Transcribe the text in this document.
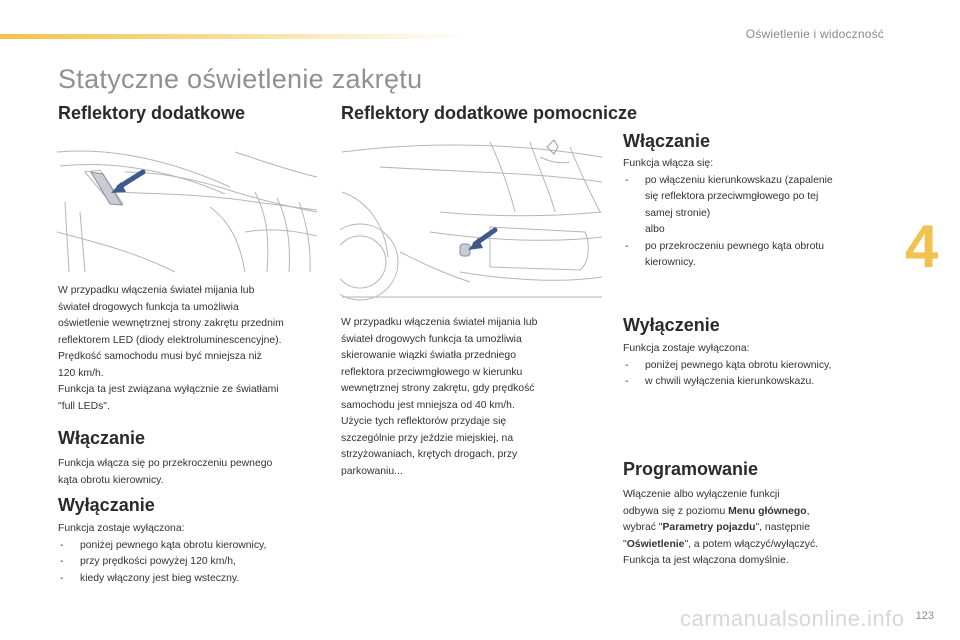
Oświetlenie i widoczność
Statyczne oświetlenie zakrętu
Reflektory dodatkowe

W przypadku włączenia świateł mijania lub
świateł drogowych funkcja ta umożliwia
oświetlenie wewnętrznej strony zakrętu przednim
reflektorem LED (diody elektroluminescencyjne).
Prędkość samochodu musi być mniejsza niż
120 km/h.
Funkcja ta jest związana wyłącznie ze światłami
"full LEDs".

Włączanie

Funkcja włącza się po przekroczeniu pewnego
kąta obrotu kierownicy.

Wyłączanie

Funkcja zostaje wyłączona:

- poniżej pewnego kąta obrotu kierownicy,
- przy prędkości powyżej 120 km/h,
- kiedy włączony jest bieg wsteczny.
Reflektory dodatkowe pomocnicze

W przypadku włączenia świateł mijania lub
świateł drogowych funkcja ta umożliwia
skierowanie wiązki światła przedniego
reflektora przeciwmgłowego w kierunku
wewnętrznej strony zakrętu, gdy prędkość
samochodu jest mniejsza od 40 km/h.
Użycie tych reflektorów przydaje się
szczególnie przy jeździe miejskiej, na
strzyżowaniach, krętych drogach, przy
parkowaniu...

Włączanie

Funkcja włącza się:

- po włączeniu kierunkowskazu (zapalenie
się reflektora przeciwmgłowego po tej
samej stronie)
albo
- po przekroczeniu pewnego kąta obrotu
kierownicy.
Wyłączenie

Funkcja zostaje wyłączona:

- poniżej pewnego kąta obrotu kierownicy,
- w chwili wyłączenia kierunkowskazu.
Programowanie
Włączenie albo wyłączenie funkcji
odbywa się z poziomu Menu głównego,
wybrać "Parametry pojazdu", następnie
"Oświetlenie", a potem włączyć/wyłączyć.
Funkcja ta jest włączona domyślnie.
4
carmanualsonline.info 123
